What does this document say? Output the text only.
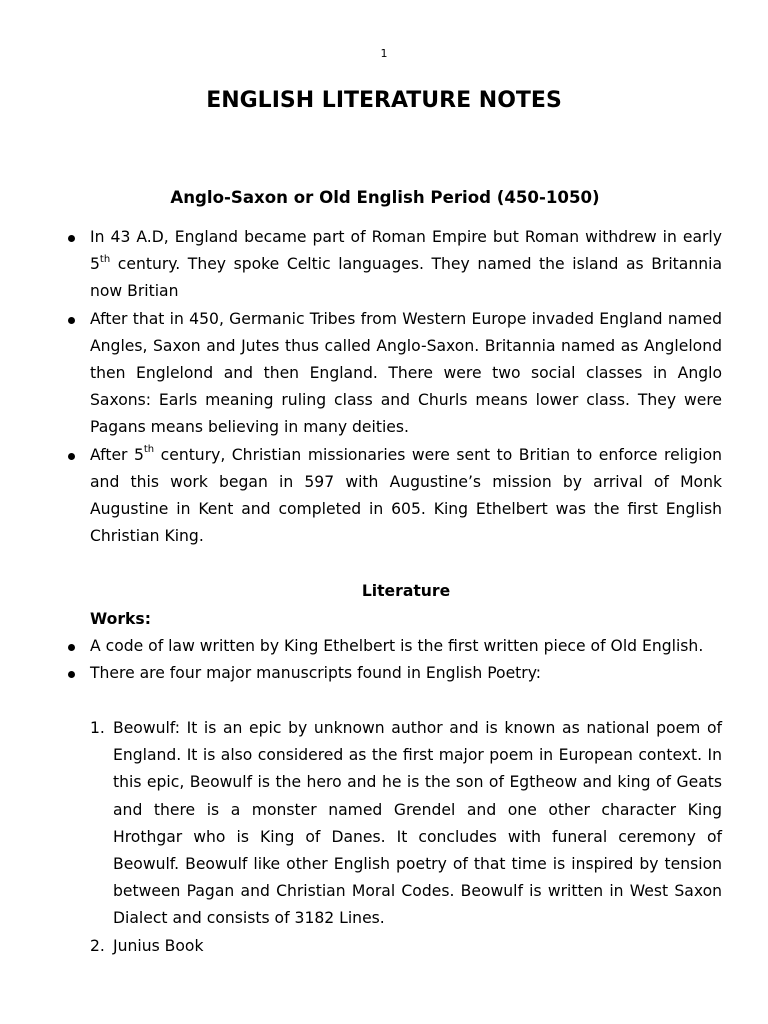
1
ENGLISH LITERATURE NOTES
Anglo-Saxon or Old English Period (450-1050)
In 43 A.D, England became part of Roman Empire but Roman withdrew in early 5th century. They spoke Celtic languages. They named the island as Britannia now Britian
After that in 450, Germanic Tribes from Western Europe invaded England named Angles, Saxon and Jutes thus called Anglo-Saxon. Britannia named as Anglelond then Englelond and then England. There were two social classes in Anglo Saxons: Earls meaning ruling class and Churls means lower class. They were Pagans means believing in many deities.
After 5th century, Christian missionaries were sent to Britian to enforce religion and this work began in 597 with Augustine’s mission by arrival of Monk Augustine in Kent and completed in 605. King Ethelbert was the first English Christian King.
Literature
Works:
A code of law written by King Ethelbert is the first written piece of Old English.
There are four major manuscripts found in English Poetry:
1. Beowulf: It is an epic by unknown author and is known as national poem of England. It is also considered as the first major poem in European context. In this epic, Beowulf is the hero and he is the son of Egtheow and king of Geats and there is a monster named Grendel and one other character King Hrothgar who is King of Danes. It concludes with funeral ceremony of Beowulf. Beowulf like other English poetry of that time is inspired by tension between Pagan and Christian Moral Codes. Beowulf is written in West Saxon Dialect and consists of 3182 Lines.
2. Junius Book
